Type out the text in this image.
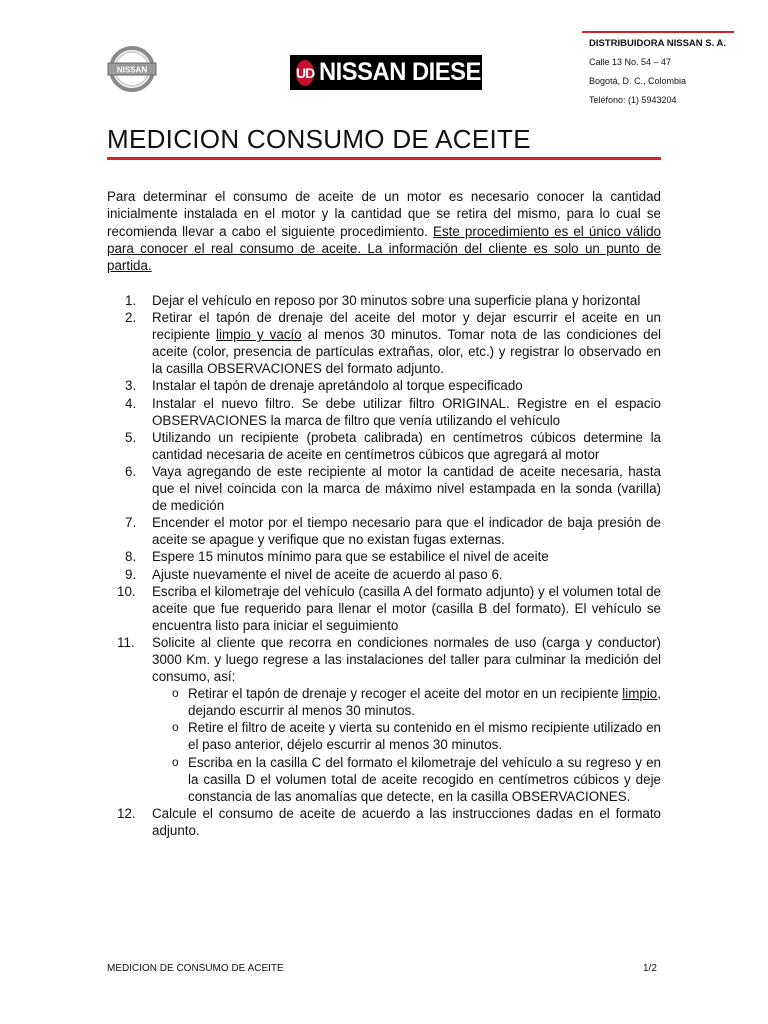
NISSAN	UD NISSAN DIESEL
DISTRIBUIDORA NISSAN S. A.
Calle 13 No. 54 – 47
Bogotá, D. C., Colombia
Teléfono: (1) 5943204
MEDICION CONSUMO DE ACEITE

Para determinar el consumo de aceite de un motor es necesario conocer la cantidad inicialmente instalada en el motor y la cantidad que se retira del mismo, para lo cual se recomienda llevar a cabo el siguiente procedimiento. Este procedimiento es el único válido para conocer el real consumo de aceite. La información del cliente es solo un punto de partida.

1.	Dejar el vehículo en reposo por 30 minutos sobre una superficie plana y horizontal
2.	Retirar el tapón de drenaje del aceite del motor y dejar escurrir el aceite en un recipiente limpio y vacío al menos 30 minutos. Tomar nota de las condiciones del aceite (color, presencia de partículas extrañas, olor, etc.) y registrar lo observado en la casilla OBSERVACIONES del formato adjunto.
3.	Instalar el tapón de drenaje apretándolo al torque especificado
4.	Instalar el nuevo filtro. Se debe utilizar filtro ORIGINAL. Registre en el espacio OBSERVACIONES la marca de filtro que venía utilizando el vehículo
5.	Utilizando un recipiente (probeta calibrada) en centímetros cúbicos determine la cantidad necesaria de aceite en centímetros cúbicos que agregará al motor
6.	Vaya agregando de este recipiente al motor la cantidad de aceite necesaria, hasta que el nivel coincida con la marca de máximo nivel estampada en la sonda (varilla) de medición
7.	Encender el motor por el tiempo necesario para que el indicador de baja presión de aceite se apague y verifique que no existan fugas externas.
8.	Espere 15 minutos mínimo para que se estabilice el nivel de aceite
9.	Ajuste nuevamente el nivel de aceite de acuerdo al paso 6.
10.	Escriba el kilometraje del vehículo (casilla A del formato adjunto) y el volumen total de aceite que fue requerido para llenar el motor (casilla B del formato). El vehículo se encuentra listo para iniciar el seguimiento
11.	Solicite al cliente que recorra en condiciones normales de uso (carga y conductor) 3000 Km. y luego regrese a las instalaciones del taller para culminar la medición del consumo, así:
o Retirar el tapón de drenaje y recoger el aceite del motor en un recipiente limpio, dejando escurrir al menos 30 minutos.
o Retire el filtro de aceite y vierta su contenido en el mismo recipiente utilizado en el paso anterior, déjelo escurrir al menos 30 minutos.
o Escriba en la casilla C del formato el kilometraje del vehículo a su regreso y en la casilla D el volumen total de aceite recogido en centímetros cúbicos y deje constancia de las anomalías que detecte, en la casilla OBSERVACIONES.
12.	Calcule el consumo de aceite de acuerdo a las instrucciones dadas en el formato adjunto.
MEDICION DE CONSUMO DE ACEITE	1/2
